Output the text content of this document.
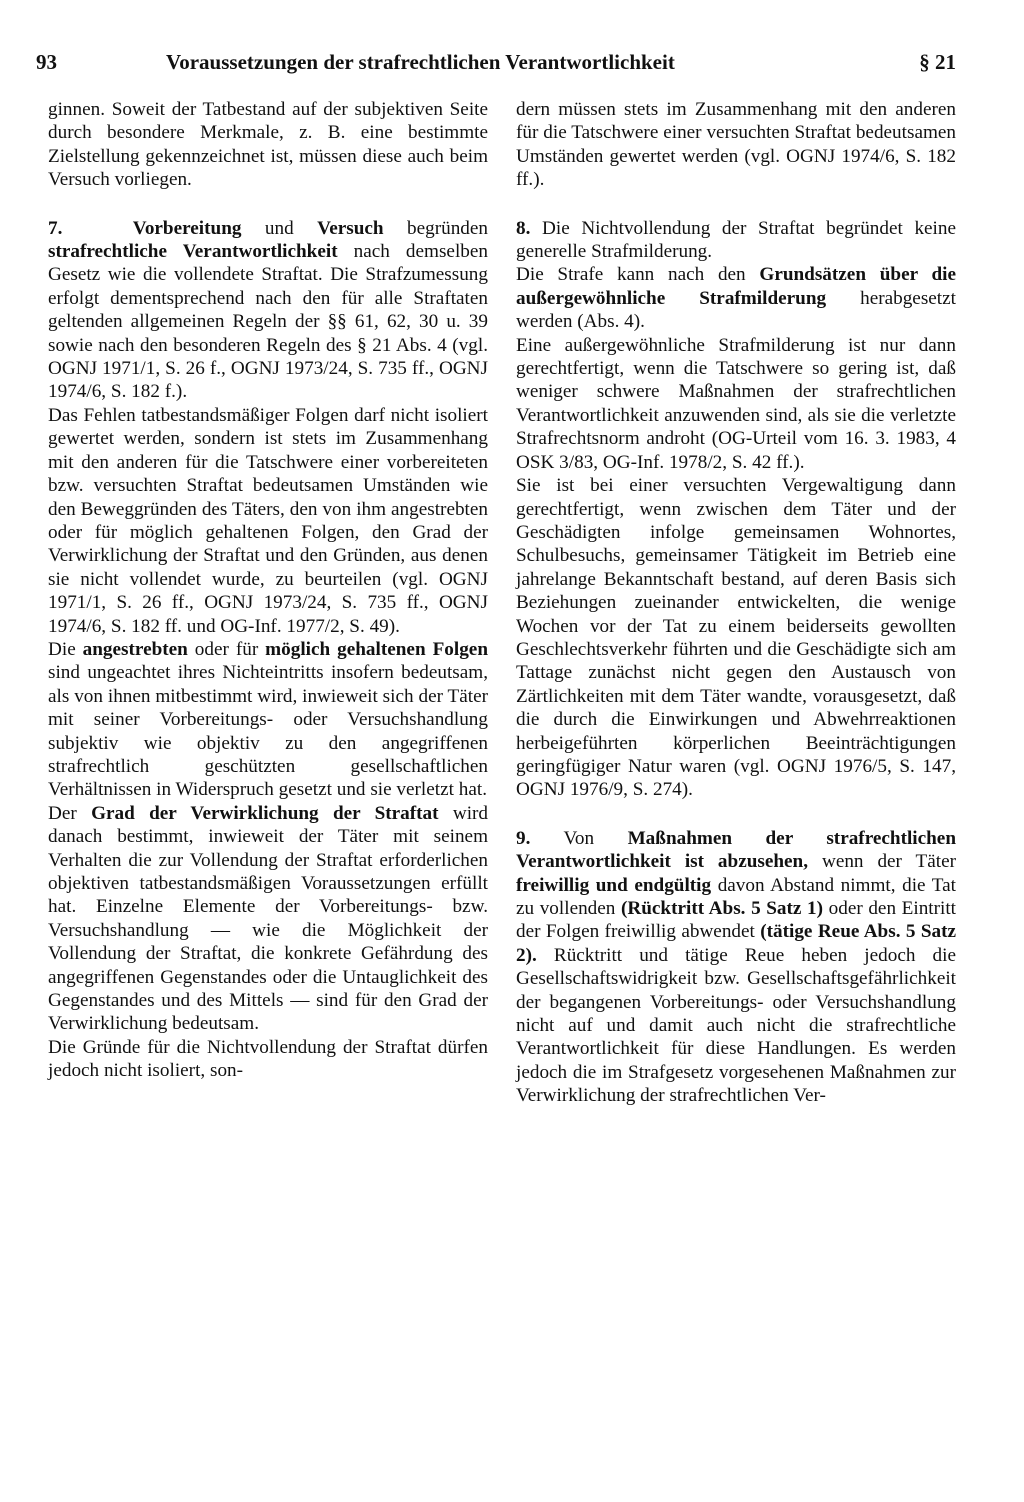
93	Voraussetzungen der strafrechtlichen Verantwortlichkeit	§ 21

ginnen. Soweit der Tatbestand auf der subjektiven Seite durch besondere Merkmale, z. B. eine bestimmte Zielstellung gekennzeichnet ist, müssen diese auch beim Versuch vorliegen.

7.	Vorbereitung und Versuch begründen strafrechtliche Verantwortlichkeit nach demselben Gesetz wie die vollendete Straftat. Die Strafzumessung erfolgt dementsprechend nach den für alle Straftaten geltenden allgemeinen Regeln der §§ 61, 62, 30 u. 39 sowie nach den besonderen Regeln des § 21 Abs. 4 (vgl. OGNJ 1971/1, S. 26 f., OGNJ 1973/24, S. 735 ff., OGNJ 1974/6, S. 182 f.).

Das Fehlen tatbestandsmäßiger Folgen darf nicht isoliert gewertet werden, sondern ist stets im Zusammenhang mit den anderen für die Tatschwere einer vorbereiteten bzw. versuchten Straftat bedeutsamen Umständen wie den Beweggründen des Täters, den von ihm angestrebten oder für möglich gehaltenen Folgen, den Grad der Verwirklichung der Straftat und den Gründen, aus denen sie nicht vollendet wurde, zu beurteilen (vgl. OGNJ 1971/1, S. 26 ff., OGNJ 1973/24, S. 735 ff., OGNJ 1974/6, S. 182 ff. und OG-Inf. 1977/2, S. 49).

Die angestrebten oder für möglich gehaltenen Folgen sind ungeachtet ihres Nichteintritts insofern bedeutsam, als von ihnen mitbestimmt wird, inwieweit sich der Täter mit seiner Vorbereitungs- oder Versuchshandlung subjektiv wie objektiv zu den angegriffenen strafrechtlich geschützten gesellschaftlichen Verhältnissen in Widerspruch gesetzt und sie verletzt hat.

Der Grad der Verwirklichung der Straftat wird danach bestimmt, inwieweit der Täter mit seinem Verhalten die zur Vollendung der Straftat erforderlichen objektiven tatbestandsmäßigen Voraussetzungen erfüllt hat. Einzelne Elemente der Vorbereitungs- bzw. Versuchshandlung — wie die Möglichkeit der Vollendung der Straftat, die konkrete Gefährdung des angegriffenen Gegenstandes oder die Untauglichkeit des Gegenstandes und des Mittels — sind für den Grad der Verwirklichung bedeutsam.

Die Gründe für die Nichtvollendung der Straftat dürfen jedoch nicht isoliert, son-

dern müssen stets im Zusammenhang mit den anderen für die Tatschwere einer versuchten Straftat bedeutsamen Umständen gewertet werden (vgl. OGNJ 1974/6, S. 182 ff.).

8. Die Nichtvollendung der Straftat begründet keine generelle Strafmilderung.

Die Strafe kann nach den Grundsätzen über die außergewöhnliche Strafmilderung herabgesetzt werden (Abs. 4).

Eine außergewöhnliche Strafmilderung ist nur dann gerechtfertigt, wenn die Tatschwere so gering ist, daß weniger schwere Maßnahmen der strafrechtlichen Verantwortlichkeit anzuwenden sind, als sie die verletzte Strafrechtsnorm androht (OG-Urteil vom 16. 3. 1983, 4 OSK 3/83, OG-Inf. 1978/2, S. 42 ff.).

Sie ist bei einer versuchten Vergewaltigung dann gerechtfertigt, wenn zwischen dem Täter und der Geschädigten infolge gemeinsamen Wohnortes, Schulbesuchs, gemeinsamer Tätigkeit im Betrieb eine jahrelange Bekanntschaft bestand, auf deren Basis sich Beziehungen zueinander entwickelten, die wenige Wochen vor der Tat zu einem beiderseits gewollten Geschlechtsverkehr führten und die Geschädigte sich am Tattage zunächst nicht gegen den Austausch von Zärtlichkeiten mit dem Täter wandte, vorausgesetzt, daß die durch die Einwirkungen und Abwehrreaktionen herbeigeführten körperlichen Beeinträchtigungen geringfügiger Natur waren (vgl. OGNJ 1976/5, S. 147, OGNJ 1976/9, S. 274).

9. Von Maßnahmen der strafrechtlichen Verantwortlichkeit ist abzusehen, wenn der Täter freiwillig und endgültig davon Abstand nimmt, die Tat zu vollenden (Rücktritt Abs. 5 Satz 1) oder den Eintritt der Folgen freiwillig abwendet (tätige Reue Abs. 5 Satz 2). Rücktritt und tätige Reue heben jedoch die Gesellschaftswidrigkeit bzw. Gesellschaftsgefährlichkeit der begangenen Vorbereitungs- oder Versuchshandlung nicht auf und damit auch nicht die strafrechtliche Verantwortlichkeit für diese Handlungen. Es werden jedoch die im Strafgesetz vorgesehenen Maßnahmen zur Verwirklichung der strafrechtlichen Ver-
